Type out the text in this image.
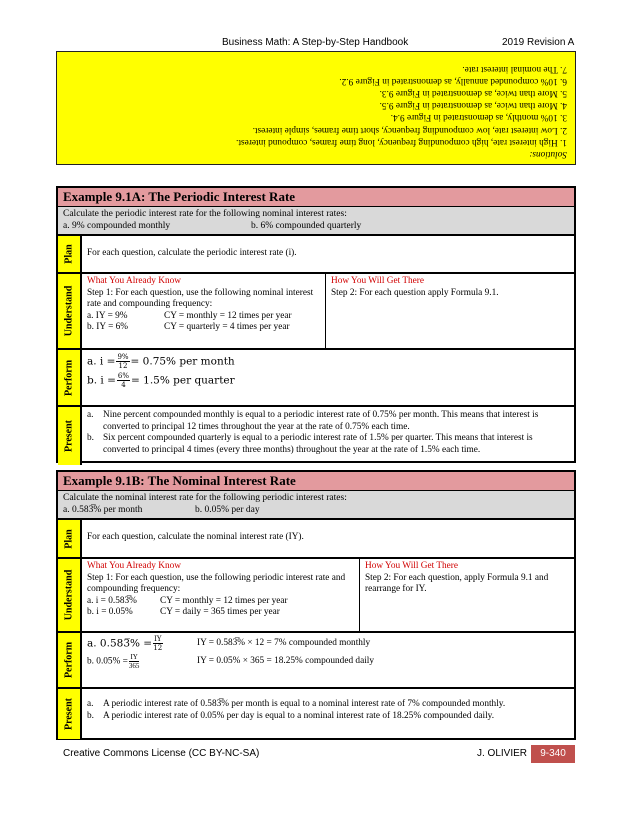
Business Math: A Step-by-Step Handbook	2019 Revision A
Solutions:
1. High interest rate, high compounding frequency, long time frames, compound interest.
2. Low interest rate, low compounding frequency, short time frames, simple interest.
3. 10% monthly, as demonstrated in Figure 9.4.
4. More than twice, as demonstrated in Figure 9.5.
5. More than twice, as demonstrated in Figure 9.3.
6. 10% compounded annually, as demonstrated in Figure 9.2.
7. The nominal interest rate.
Example 9.1A: The Periodic Interest Rate
Calculate the periodic interest rate for the following nominal interest rates:
a. 9% compounded monthly	b. 6% compounded quarterly
Plan	For each question, calculate the periodic interest rate (i).
Understand
What You Already Know
Step 1: For each question, use the following nominal interest rate and compounding frequency:
a. IY = 9%	CY = monthly = 12 times per year
b. IY = 6%	CY = quarterly = 4 times per year
How You Will Get There
Step 2: For each question apply Formula 9.1.
Perform a. $i = \frac{9\%}{12} = 0.75\%$ per month
b. $i = \frac{6\%}{4} = 1.5\%$ per quarter
Present
a.	Nine percent compounded monthly is equal to a periodic interest rate of 0.75% per month. This means that interest is converted to principal 12 times throughout the year at the rate of 0.75% each time.
b. Six percent compounded quarterly is equal to a periodic interest rate of 1.5% per quarter. This means that interest is converted to principal 4 times (every three months) throughout the year at the rate of 1.5% each time.
Example 9.1B: The Nominal Interest Rate
Calculate the nominal interest rate for the following periodic interest rates:
a. 0.583̅% per month	b. 0.05% per day
Plan	For each question, calculate the nominal interest rate (IY).
Understand
What You Already Know
Step 1: For each question, use the following periodic interest rate and compounding frequency:
a. i = 0.583̅%	CY = monthly = 12 times per year
b. i = 0.05%	CY = daily = 365 times per year
How You Will Get There
Step 2: For each question, apply Formula 9.1 and rearrange for IY.
Perform a. 0.583̅% = $\frac{IY}{12}$	IY = 0.583̅% × 12 = 7% compounded monthly
b. $0.05\% = \frac{IY}{365}$	IY = 0.05% × 365 = 18.25% compounded daily
Present a.	A periodic interest rate of 0.583̅% per month is equal to a nominal interest rate of 7% compounded monthly.
b. A periodic interest rate of 0.05% per day is equal to a nominal interest rate of 18.25% compounded daily.
Creative Commons License (CC BY-NC-SA)	J. OLIVIER	9-340
